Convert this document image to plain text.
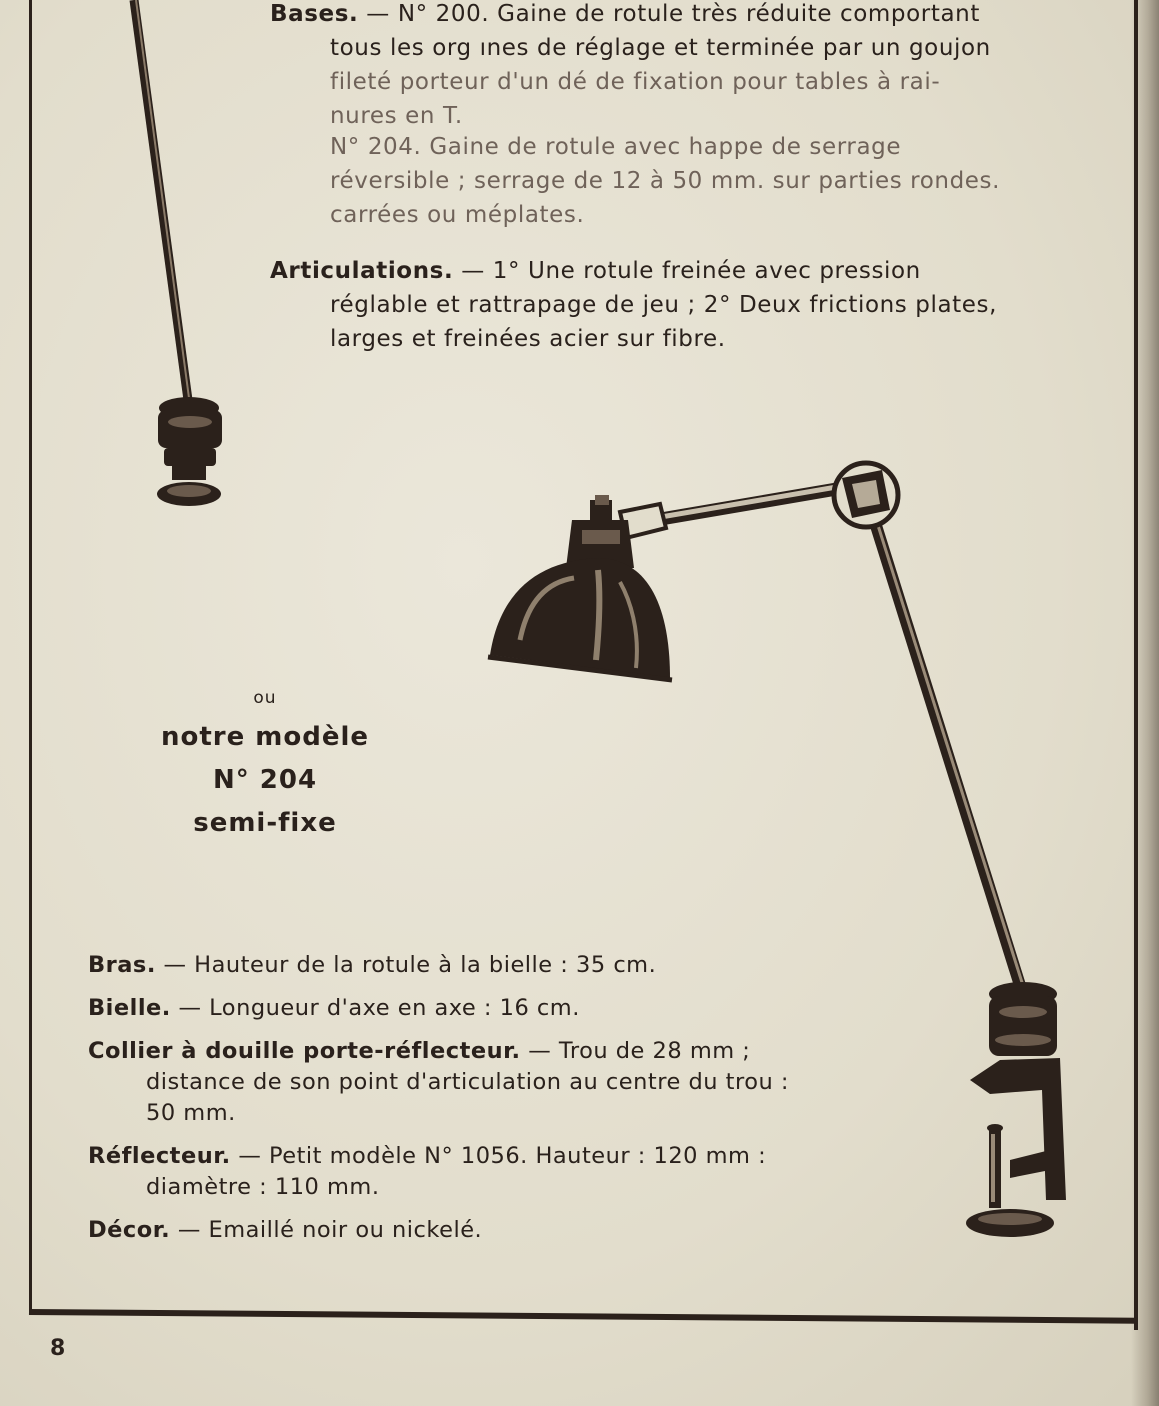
Bases. — N° 200. Gaine de rotule très réduite comportant
tous les org ınes de réglage et terminée par un goujon
fileté porteur d'un dé de fixation pour tables à rai-
nures en T.
N° 204. Gaine de rotule avec happe de serrage
réversible ; serrage de 12 à 50 mm. sur parties rondes.
carrées ou méplates.
Articulations. — 1° Une rotule freinée avec pression
réglable et rattrapage de jeu ; 2° Deux frictions plates,
larges et freinées acier sur fibre.
ou
notre modèle
N° 204
semi-fixe
Bras. — Hauteur de la rotule à la bielle : 35 cm.
Bielle. — Longueur d'axe en axe : 16 cm.
Collier à douille porte-réflecteur. — Trou de 28 mm ;
distance de son point d'articulation au centre du trou :
50 mm.
Réflecteur. — Petit modèle N° 1056. Hauteur : 120 mm :
diamètre : 110 mm.
Décor. — Emaillé noir ou nickelé.
8
